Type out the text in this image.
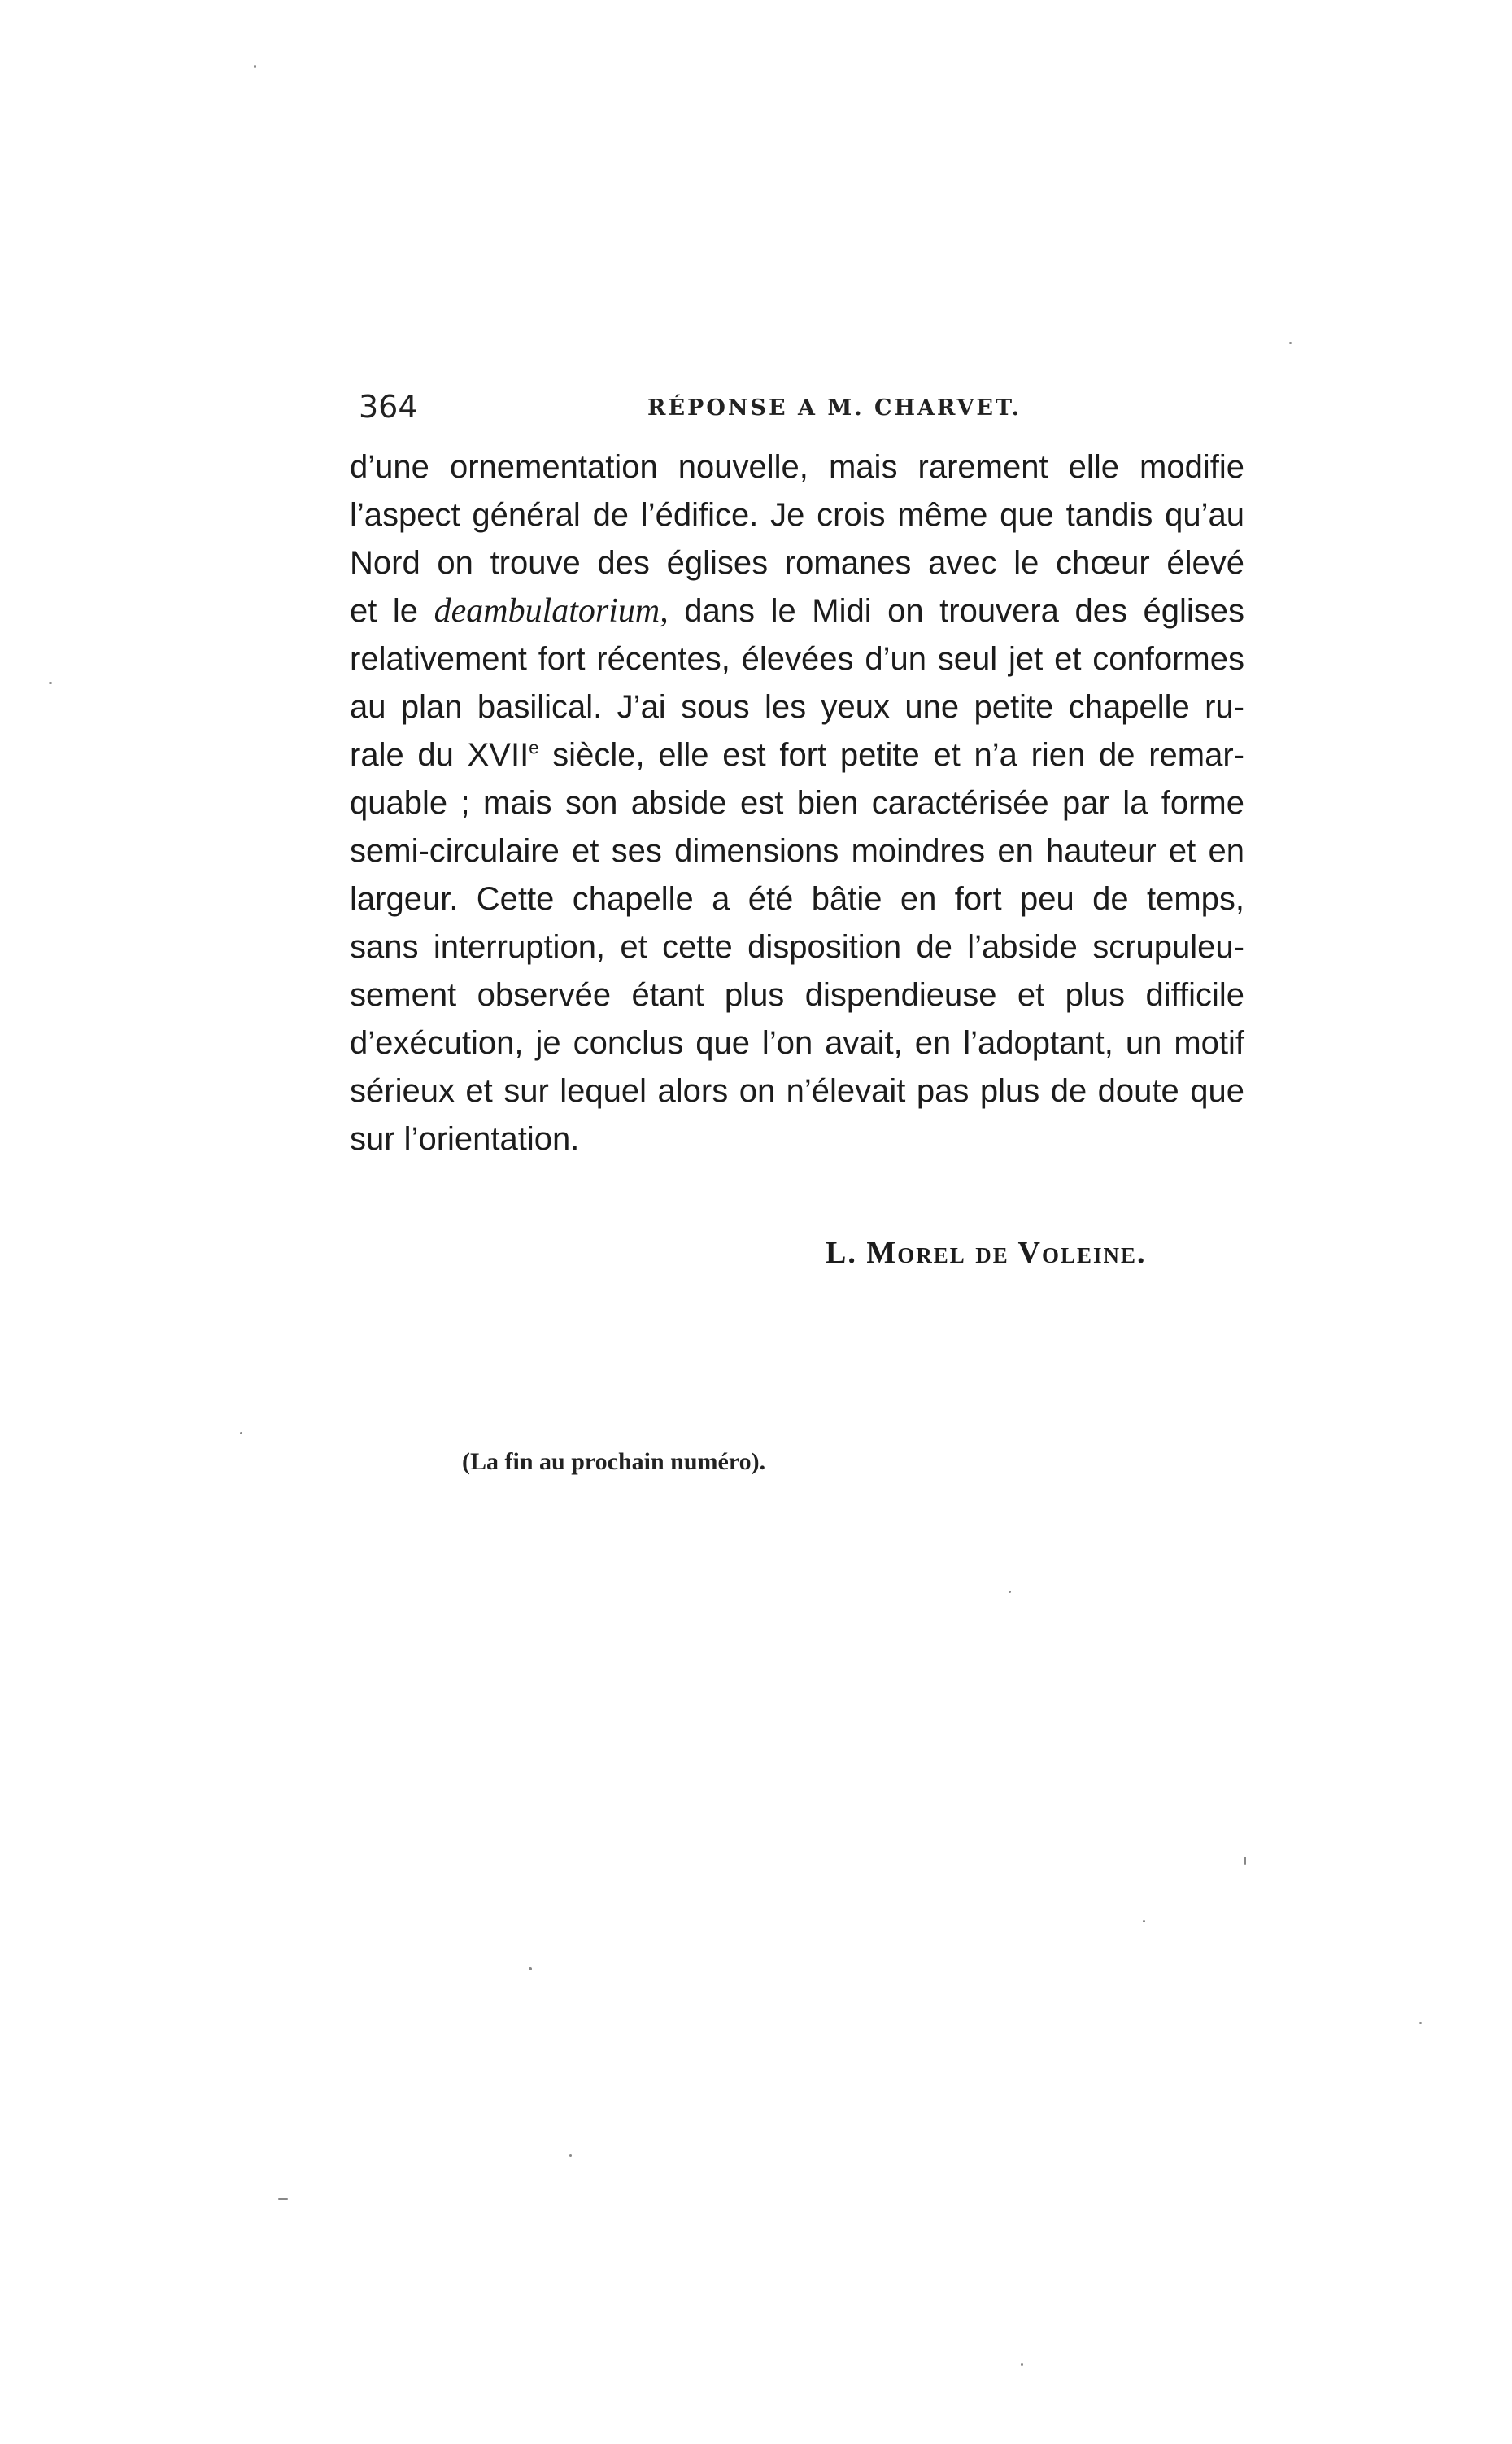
364	RÉPONSE A M. CHARVET.
d’une ornementation nouvelle, mais rarement elle modifie
l’aspect général de l’édifice. Je crois même que tandis qu’au
Nord on trouve des églises romanes avec le chœur élevé
et le deambulatorium, dans le Midi on trouvera des églises
relativement fort récentes, élevées d’un seul jet et conformes
au plan basilical. J’ai sous les yeux une petite chapelle ru-
rale du XVIIe siècle, elle est fort petite et n’a rien de remar-
quable ; mais son abside est bien caractérisée par la forme
semi-circulaire et ses dimensions moindres en hauteur et en
largeur. Cette chapelle a été bâtie en fort peu de temps,
sans interruption, et cette disposition de l’abside scrupuleu-
sement observée étant plus dispendieuse et plus difficile
d’exécution, je conclus que l’on avait, en l’adoptant, un motif
sérieux et sur lequel alors on n’élevait pas plus de doute que
sur l’orientation.
L. Morel de Voleine.
(La fin au prochain numéro).
